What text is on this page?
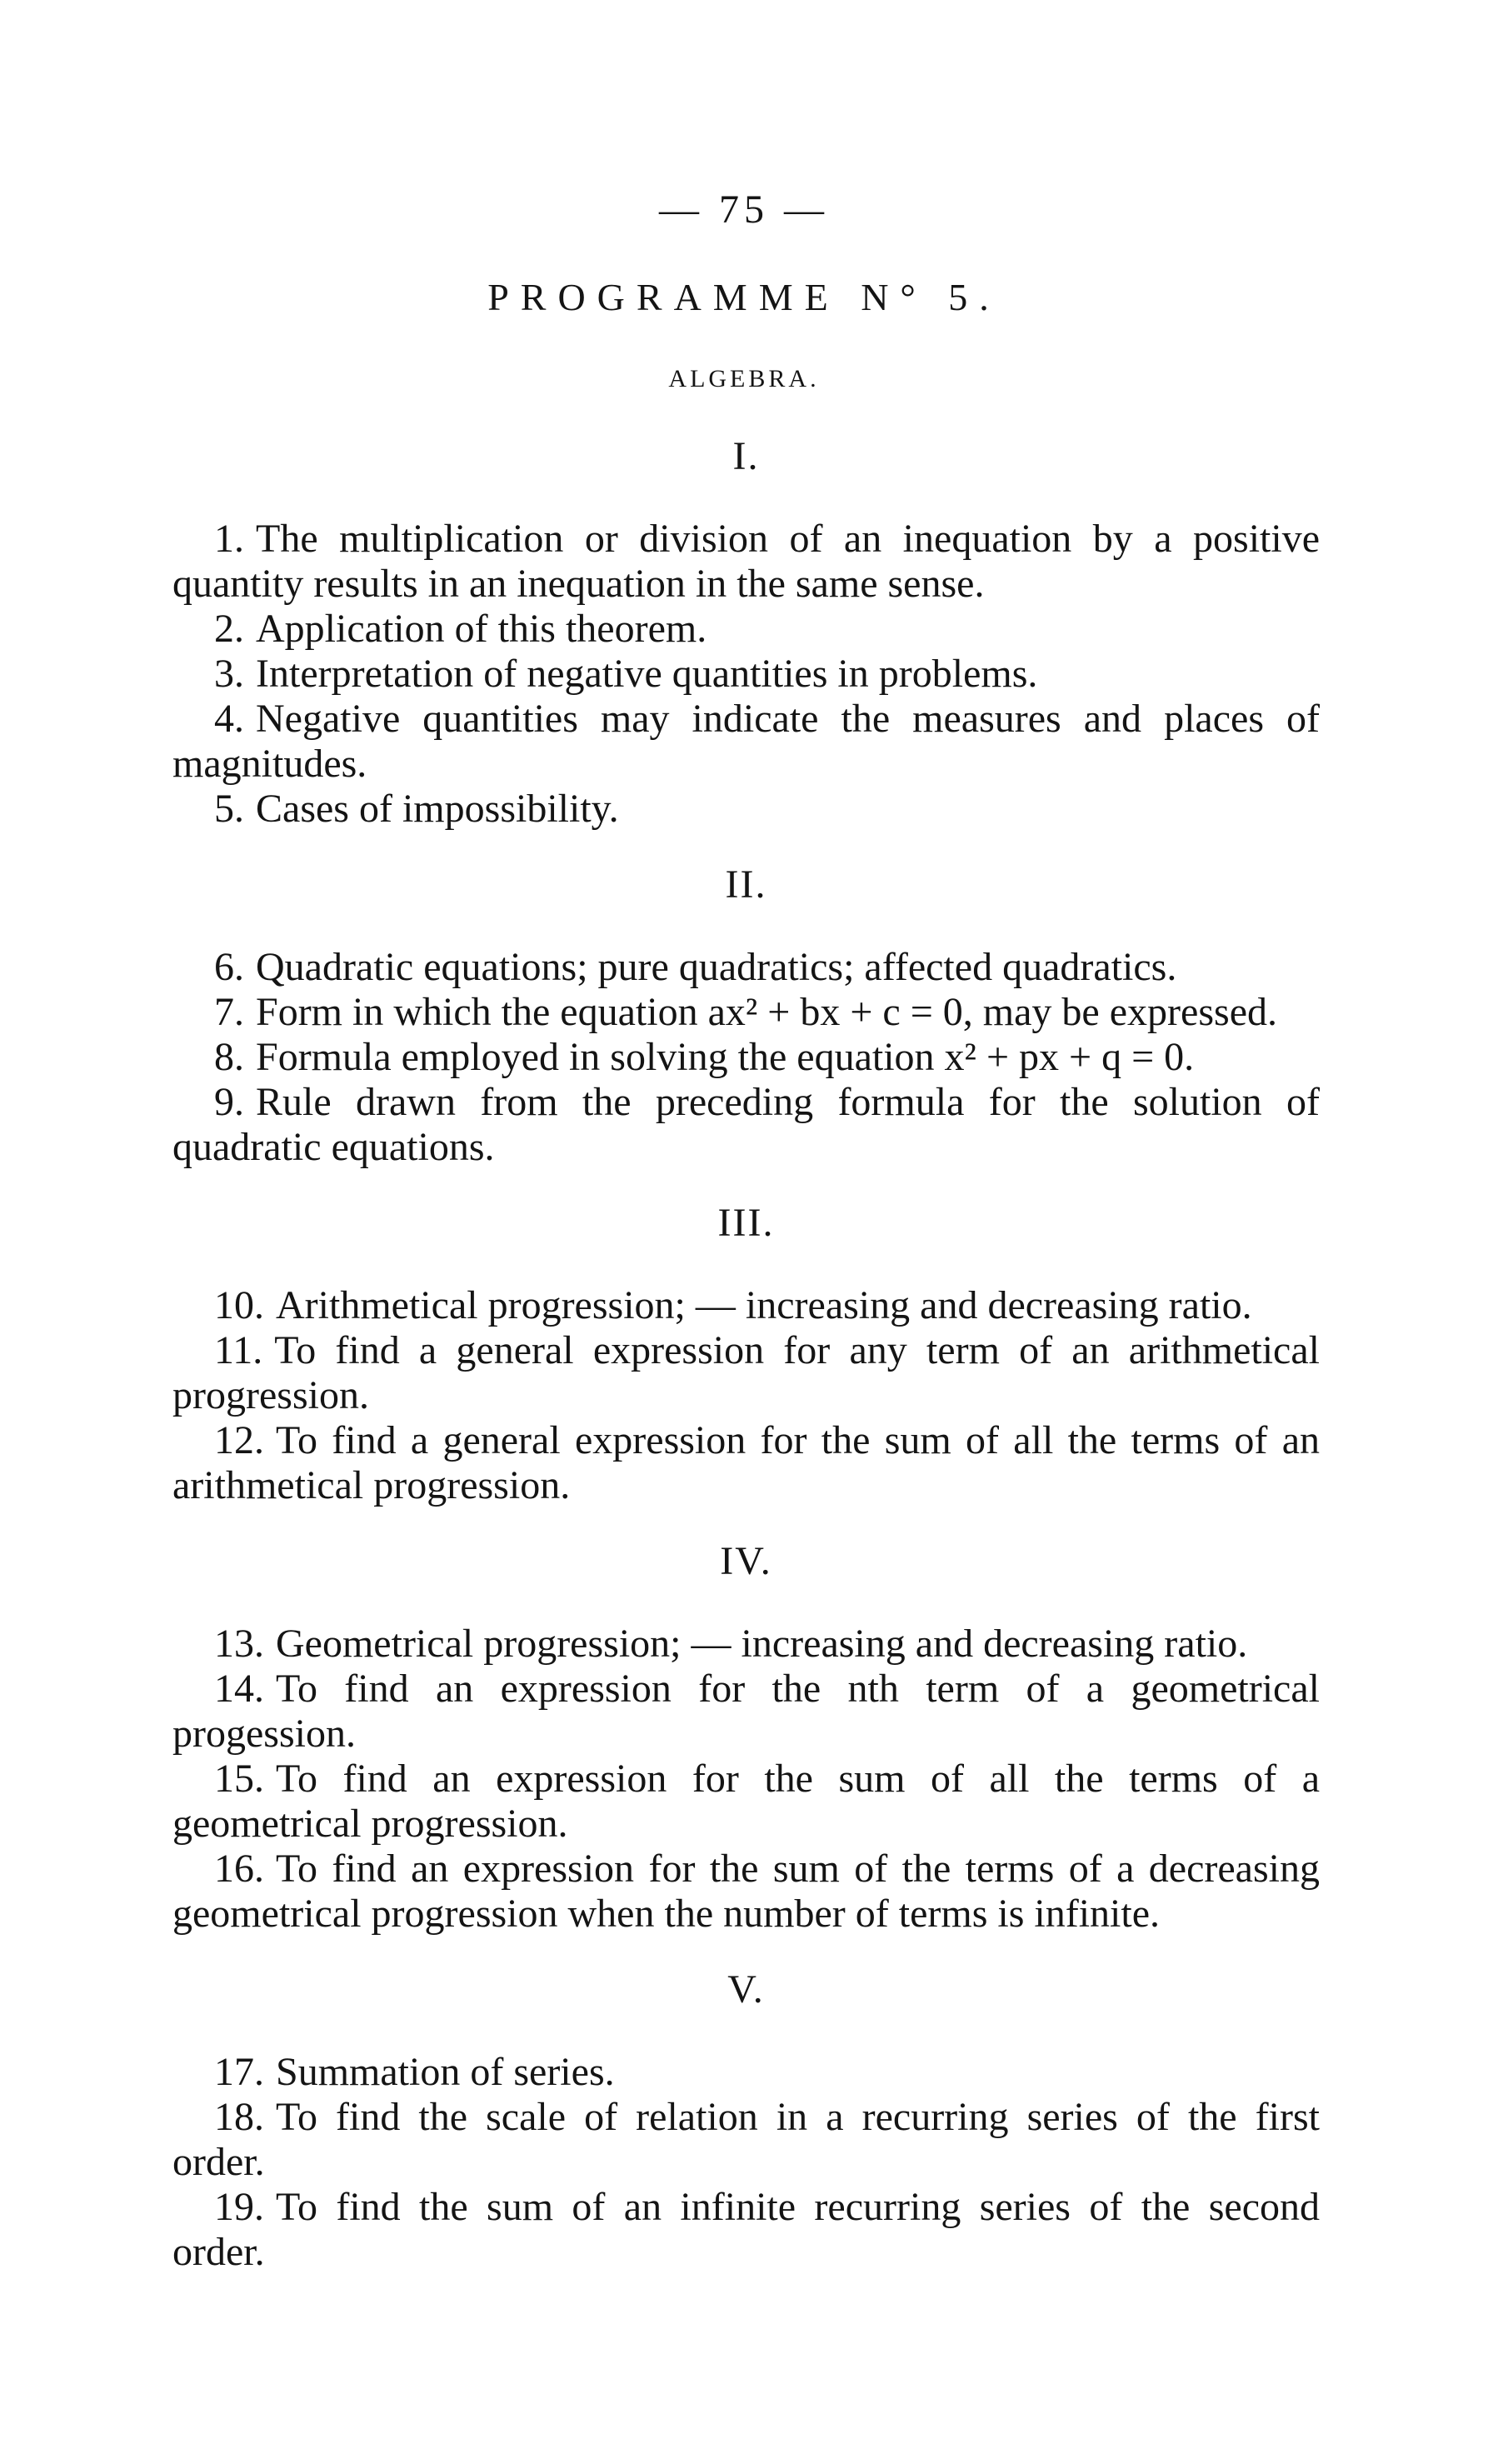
— 75 —
PROGRAMME N° 5.
ALGEBRA.
I.

1. The multiplication or division of an inequation by a positive quantity results in an inequation in the same sense.

2. Application of this theorem.

3. Interpretation of negative quantities in problems.

4. Negative quantities may indicate the measures and places of magnitudes.

5. Cases of impossibility.

II.

6. Quadratic equations; pure quadratics; affected quadratics.

7. Form in which the equation ax² + bx + c = 0, may be expressed.

8. Formula employed in solving the equation x² + px + q = 0.

9. Rule drawn from the preceding formula for the solution of quadratic equations.

III.

10. Arithmetical progression; — increasing and decreasing ratio.

11. To find a general expression for any term of an arithmetical progression.

12. To find a general expression for the sum of all the terms of an arithmetical progression.

IV.

13. Geometrical progression; — increasing and decreasing ratio.

14. To find an expression for the nth term of a geometrical progession.

15. To find an expression for the sum of all the terms of a geometrical progression.

16. To find an expression for the sum of the terms of a decreasing geometrical progression when the number of terms is infinite.

V.

17. Summation of series.

18. To find the scale of relation in a recurring series of the first order.

19. To find the sum of an infinite recurring series of the second order.
